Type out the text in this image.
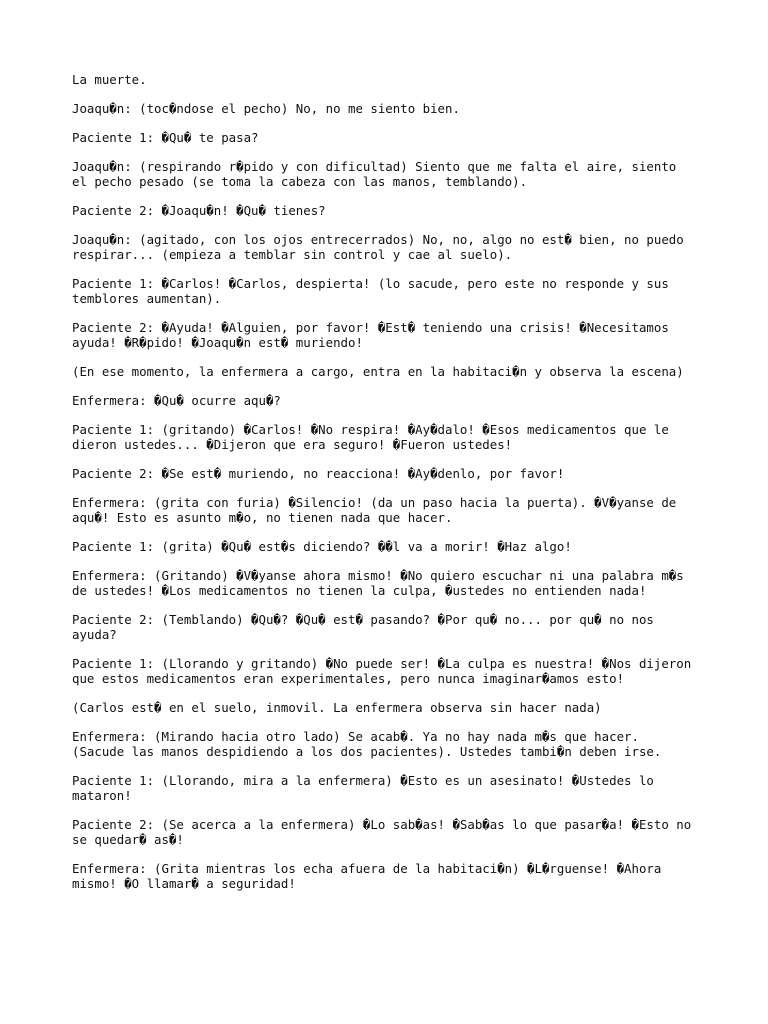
La muerte.

Joaqu�n: (toc�ndose el pecho) No, no me siento bien.

Paciente 1: �Qu� te pasa?

Joaqu�n: (respirando r�pido y con dificultad) Siento que me falta el aire, siento
el pecho pesado (se toma la cabeza con las manos, temblando).

Paciente 2: �Joaqu�n! �Qu� tienes?

Joaqu�n: (agitado, con los ojos entrecerrados) No, no, algo no est� bien, no puedo
respirar... (empieza a temblar sin control y cae al suelo).

Paciente 1: �Carlos! �Carlos, despierta! (lo sacude, pero este no responde y sus
temblores aumentan).

Paciente 2: �Ayuda! �Alguien, por favor! �Est� teniendo una crisis! �Necesitamos
ayuda! �R�pido! �Joaqu�n est� muriendo!

(En ese momento, la enfermera a cargo, entra en la habitaci�n y observa la escena)

Enfermera: �Qu� ocurre aqu�?

Paciente 1: (gritando) �Carlos! �No respira! �Ay�dalo! �Esos medicamentos que le
dieron ustedes... �Dijeron que era seguro! �Fueron ustedes!

Paciente 2: �Se est� muriendo, no reacciona! �Ay�denlo, por favor!

Enfermera: (grita con furia) �Silencio! (da un paso hacia la puerta). �V�yanse de
aqu�! Esto es asunto m�o, no tienen nada que hacer.

Paciente 1: (grita) �Qu� est�s diciendo? ��l va a morir! �Haz algo!

Enfermera: (Gritando) �V�yanse ahora mismo! �No quiero escuchar ni una palabra m�s
de ustedes! �Los medicamentos no tienen la culpa, �ustedes no entienden nada!

Paciente 2: (Temblando) �Qu�? �Qu� est� pasando? �Por qu� no... por qu� no nos
ayuda?

Paciente 1: (Llorando y gritando) �No puede ser! �La culpa es nuestra! �Nos dijeron
que estos medicamentos eran experimentales, pero nunca imaginar�amos esto!

(Carlos est� en el suelo, inmovil. La enfermera observa sin hacer nada)

Enfermera: (Mirando hacia otro lado) Se acab�. Ya no hay nada m�s que hacer.
(Sacude las manos despidiendo a los dos pacientes). Ustedes tambi�n deben irse.

Paciente 1: (Llorando, mira a la enfermera) �Esto es un asesinato! �Ustedes lo
mataron!

Paciente 2: (Se acerca a la enfermera) �Lo sab�as! �Sab�as lo que pasar�a! �Esto no
se quedar� as�!

Enfermera: (Grita mientras los echa afuera de la habitaci�n) �L�rguense! �Ahora
mismo! �O llamar� a seguridad!
